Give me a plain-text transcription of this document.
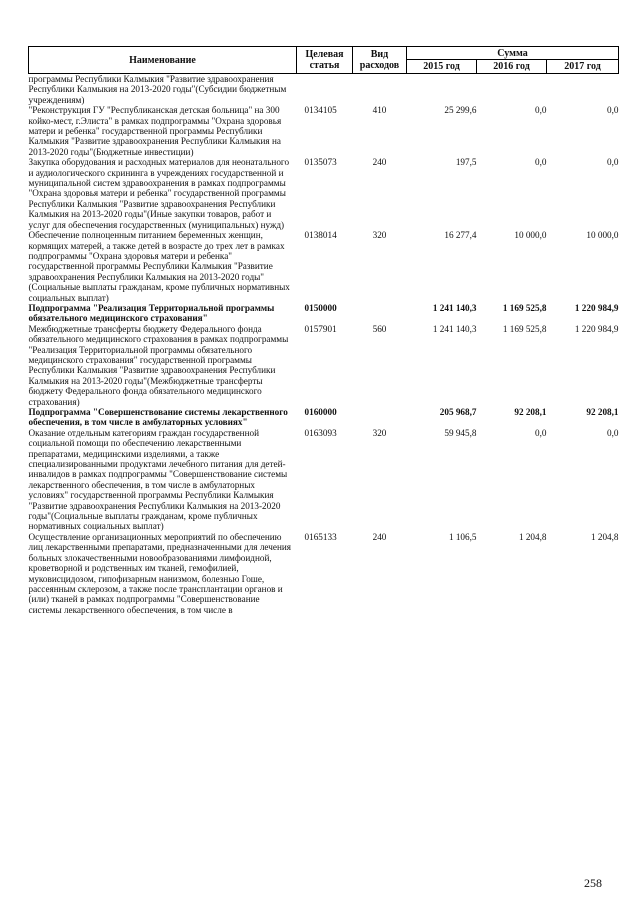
Наименование	Целевая статья	Вид расходов	Сумма		
			2015 год	2016 год	2017 год
программы Республики Калмыкия "Развитие здравоохранения Республики Калмыкия на 2013-2020 годы"(Субсидии бюджетным учреждениям)					
"Реконструкция ГУ "Республиканская детская больница" на 300 койко-мест, г.Элиста" в рамках подпрограммы "Охрана здоровья матери и ребенка" государственной программы Республики Калмыкия "Развитие здравоохранения Республики Калмыкия на 2013-2020 годы"(Бюджетные инвестиции)	0134105	410	25 299,6	0,0	0,0
Закупка оборудования и расходных материалов для неонатального и аудиологического скрининга в учреждениях государственной и муниципальной систем здравоохранения в рамках подпрограммы "Охрана здоровья матери и ребенка" государственной программы Республики Калмыкия "Развитие здравоохранения Республики Калмыкия на 2013-2020 годы"(Иные закупки товаров, работ и услуг для обеспечения государственных (муниципальных) нужд)	0135073	240	197,5	0,0	0,0
Обеспечение полноценным питанием беременных женщин, кормящих матерей, а также детей в возрасте до трех лет в рамках подпрограммы "Охрана здоровья матери и ребенка" государственной программы Республики Калмыкия "Развитие здравоохранения Республики Калмыкия на 2013-2020 годы"(Социальные выплаты гражданам, кроме публичных нормативных социальных выплат)	0138014	320	16 277,4	10 000,0	10 000,0
Подпрограмма "Реализация Территориальной программы обязательного медицинского страхования"	0150000		1 241 140,3	1 169 525,8	1 220 984,9
Межбюджетные трансферты бюджету Федерального фонда обязательного медицинского страхования в рамках подпрограммы "Реализация Территориальной программы обязательного медицинского страхования" государственной программы Республики Калмыкия "Развитие здравоохранения Республики Калмыкия на 2013-2020 годы"(Межбюджетные трансферты бюджету Федерального фонда обязательного медицинского страхования)	0157901	560	1 241 140,3	1 169 525,8	1 220 984,9
Подпрограмма "Совершенствование системы лекарственного обеспечения, в том числе в амбулаторных условиях"	0160000		205 968,7	92 208,1	92 208,1
Оказание отдельным категориям граждан государственной социальной помощи по обеспечению лекарственными препаратами, медицинскими изделиями, а также специализированными продуктами лечебного питания для детей-инвалидов в рамках подпрограммы "Совершенствование системы лекарственного обеспечения, в том числе в амбулаторных условиях" государственной программы Республики Калмыкия "Развитие здравоохранения Республики Калмыкия на 2013-2020 годы"(Социальные выплаты гражданам, кроме публичных нормативных социальных выплат)	0163093	320	59 945,8	0,0	0,0
Осуществление организационных мероприятий по обеспечению лиц лекарственными препаратами, предназначенными для лечения больных злокачественными новообразованиями лимфоидной, кроветворной и родственных им тканей, гемофилией, муковисцидозом, гипофизарным нанизмом, болезнью Гоше, рассеянным склерозом, а также после трансплантации органов и (или) тканей в рамках подпрограммы "Совершенствование системы лекарственного обеспечения, в том числе в	0165133	240	1 106,5	1 204,8	1 204,8
258
